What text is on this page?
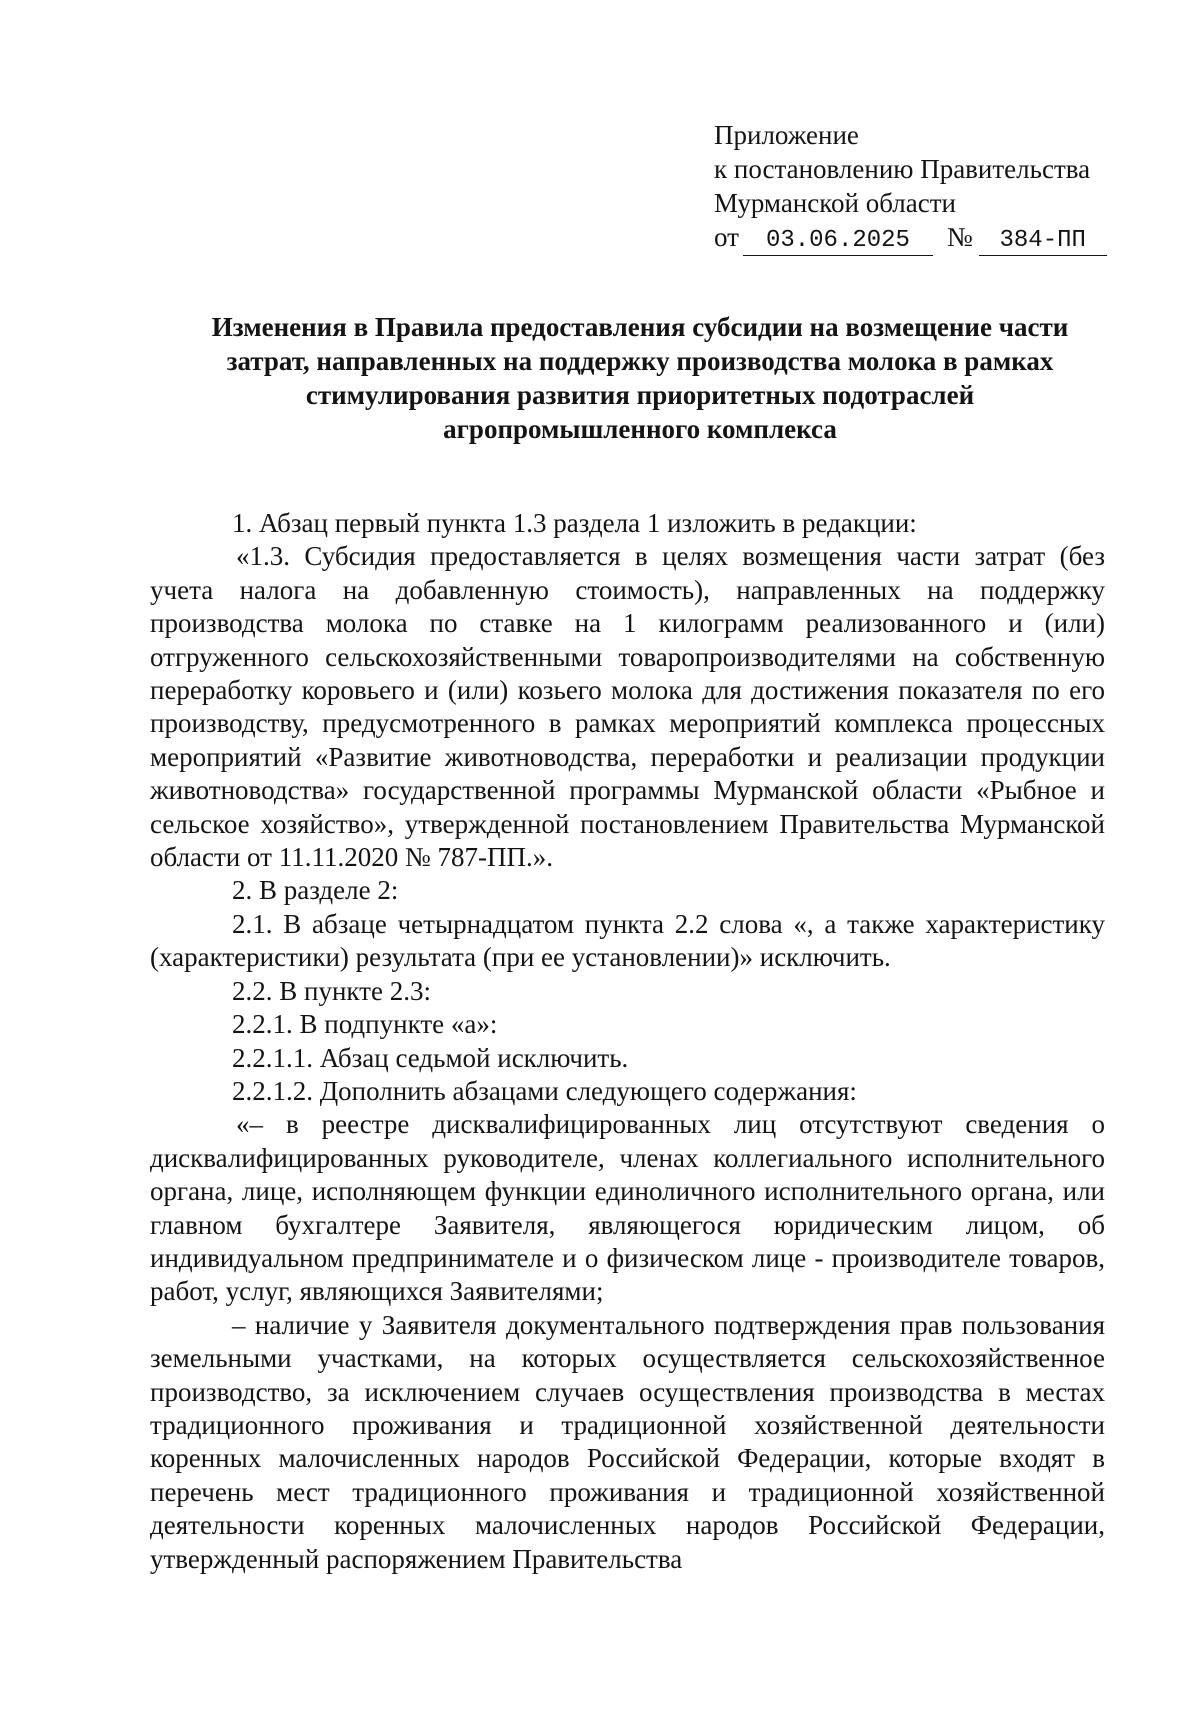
Приложение
к постановлению Правительства
Мурманской области
от 03.06.2025 № 384-ПП
Изменения в Правила предоставления субсидии на возмещение части
затрат, направленных на поддержку производства молока в рамках
стимулирования развития приоритетных подотраслей
агропромышленного комплекса

1. Абзац первый пункта 1.3 раздела 1 изложить в редакции:

«1.3. Субсидия предоставляется в целях возмещения части затрат (без учета налога на добавленную стоимость), направленных на поддержку производства молока по ставке на 1 килограмм реализованного и (или) отгруженного сельскохозяйственными товаропроизводителями на собственную переработку коровьего и (или) козьего молока для достижения показателя по его производству, предусмотренного в рамках мероприятий комплекса процессных мероприятий «Развитие животноводства, переработки и реализации продукции животноводства» государственной программы Мурманской области «Рыбное и сельское хозяйство», утвержденной постановлением Правительства Мурманской области от 11.11.2020 № 787-ПП.».

2. В разделе 2:

2.1. В абзаце четырнадцатом пункта 2.2 слова «, а также характеристику (характеристики) результата (при ее установлении)» исключить.

2.2. В пункте 2.3:

2.2.1. В подпункте «а»:

2.2.1.1. Абзац седьмой исключить.

2.2.1.2. Дополнить абзацами следующего содержания:

«– в реестре дисквалифицированных лиц отсутствуют сведения о дисквалифицированных руководителе, членах коллегиального исполнительного органа, лице, исполняющем функции единоличного исполнительного органа, или главном бухгалтере Заявителя, являющегося юридическим лицом, об индивидуальном предпринимателе и о физическом лице - производителе товаров, работ, услуг, являющихся Заявителями;

– наличие у Заявителя документального подтверждения прав пользования земельными участками, на которых осуществляется сельскохозяйственное производство, за исключением случаев осуществления производства в местах традиционного проживания и традиционной хозяйственной деятельности коренных малочисленных народов Российской Федерации, которые входят в перечень мест традиционного проживания и традиционной хозяйственной деятельности коренных малочисленных народов Российской Федерации, утвержденный распоряжением Правительства
